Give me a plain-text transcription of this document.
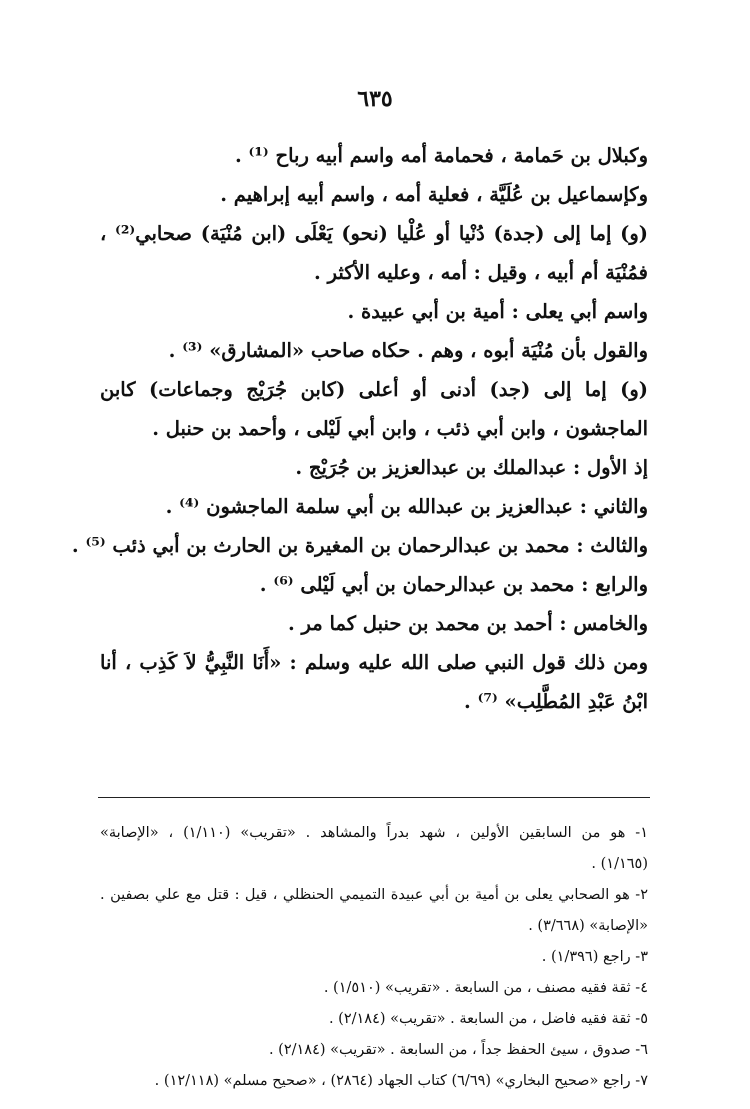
٦٣٥
وكبلال بن حَمامة ، فحمامة أمه واسم أبيه رباح ⁽¹⁾ .
وكإسماعيل بن عُلَيَّة ، فعلية أمه ، واسم أبيه إبراهيم .
(و) إما إلى (جدة) دُنْيا أو عُلْيا (نحو) يَعْلَى (ابن مُنْيَة) صحابي⁽²⁾ ،
فمُنْيَة أم أبيه ، وقيل : أمه ، وعليه الأكثر .
واسم أبي يعلى : أمية بن أبي عبيدة .
والقول بأن مُنْيَة أبوه ، وهم . حكاه صاحب «المشارق» ⁽³⁾ .
(و) إما إلى (جد) أدنى أو أعلى (كابن جُرَيْج وجماعات) كابن
الماجشون ، وابن أبي ذئب ، وابن أبي لَيْلى ، وأحمد بن حنبل .
إذ الأول : عبدالملك بن عبدالعزيز بن جُرَيْج .
والثاني : عبدالعزيز بن عبدالله بن أبي سلمة الماجشون ⁽⁴⁾ .
والثالث : محمد بن عبدالرحمان بن المغيرة بن الحارث بن أبي ذئب ⁽⁵⁾ .
والرابع : محمد بن عبدالرحمان بن أبي لَيْلى ⁽⁶⁾ .
والخامس : أحمد بن محمد بن حنبل كما مر .
ومن ذلك قول النبي صلى الله عليه وسلم : «أَنَا النَّبِيُّ لاَ كَذِب ، أنا
ابْنُ عَبْدِ المُطَّلِب» ⁽⁷⁾ .
١- هو من السابقين الأولين ، شهد بدراً والمشاهد . «تقريب» (١/١١٠) ، «الإصابة»
(١/١٦٥) .
٢- هو الصحابي يعلى بن أمية بن أبي عبيدة التميمي الحنظلي ، قيل : قتل مع علي بصفين .
«الإصابة» (٣/٦٦٨) .
٣- راجع (١/٣٩٦) .
٤- ثقة فقيه مصنف ، من السابعة . «تقريب» (١/٥١٠) .
٥- ثقة فقيه فاضل ، من السابعة . «تقريب» (٢/١٨٤) .
٦- صدوق ، سيئ الحفظ جداً ، من السابعة . «تقريب» (٢/١٨٤) .
٧- راجع «صحيح البخاري» (٦/٦٩) كتاب الجهاد (٢٨٦٤) ، «صحيح مسلم» (١٢/١١٨) .
